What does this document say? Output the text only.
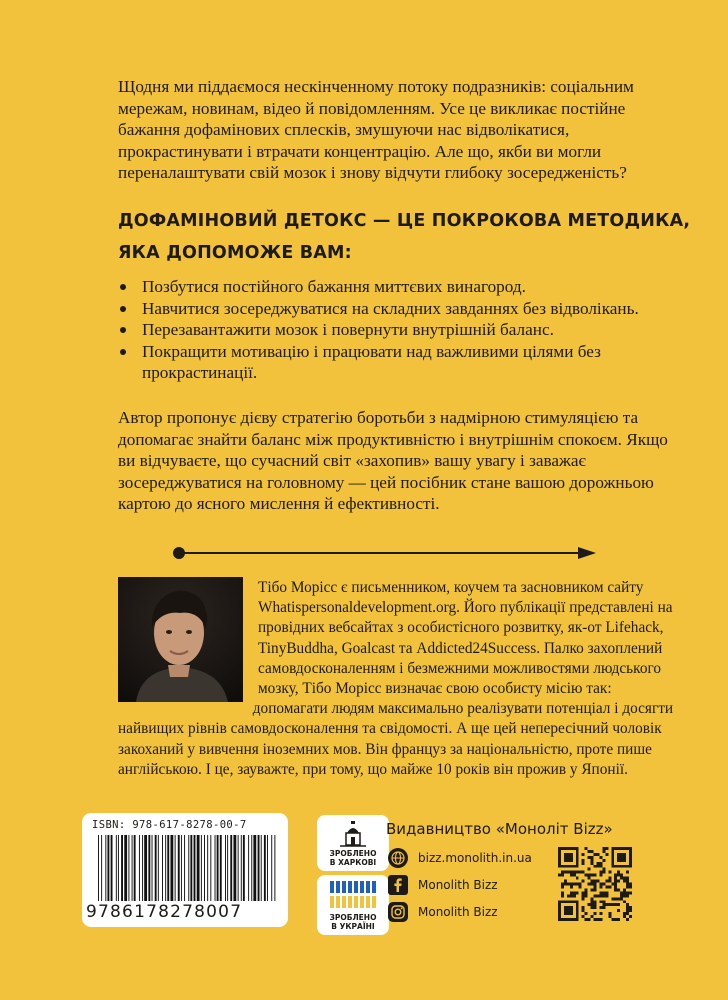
Щодня ми піддаємося нескінченному потоку подразників: соціальним мережам, новинам, відео й повідомленням. Усе це викликає постійне бажання дофамінових сплесків, змушуючи нас відволікатися, прокрастинувати і втрачати концентрацію. Але що, якби ви могли переналаштувати свій мозок і знову відчути глибоку зосередженість?

ДОФАМІНОВИЙ ДЕТОКС — ЦЕ ПОКРОКОВА МЕТОДИКА,
ЯКА ДОПОМОЖЕ ВАМ:
Позбутися постійного бажання миттєвих винагород.
Навчитися зосереджуватися на складних завданнях без відволікань.
Перезавантажити мозок і повернути внутрішній баланс.
Покращити мотивацію і працювати над важливими цілями без прокрастинації.

Автор пропонує дієву стратегію боротьби з надмірною стимуляцією та допомагає знайти баланс між продуктивністю і внутрішнім спокоєм. Якщо ви відчуваєте, що сучасний світ «захопив» вашу увагу і заважає зосереджуватися на головному — цей посібник стане вашою дорожньою картою до ясного мислення й ефективності.

Тібо Морісс є письменником, коучем та засновником сайту Whatispersonaldevelopment.org. Його публікації представлені на провідних вебсайтах з особистісного розвитку, як-от Lifehack, TinyBuddha, Goalcast та Addicted24Success. Палко захоплений самовдосконаленням і безмежними можливостями людського мозку, Тібо Морісс визначає свою особисту місію так: допомагати людям максимально реалізувати потенціал і досягти найвищих рівнів самовдосконалення та свідомості. А ще цей непересічний чоловік закоханий у вивчення іноземних мов. Він француз за національністю, проте пише англійською. І це, зауважте, при тому, що майже 10 років він прожив у Японії.

ISBN: 978-617-8278-00-7
9786178278007
ЗРОБЛЕНО
В ХАРКОВІ
ЗРОБЛЕНО
В УКРАЇНІ

Видавництво «Моноліт Bizz»

bizz.monolith.in.ua
Monolith Bizz
Monolith Bizz
